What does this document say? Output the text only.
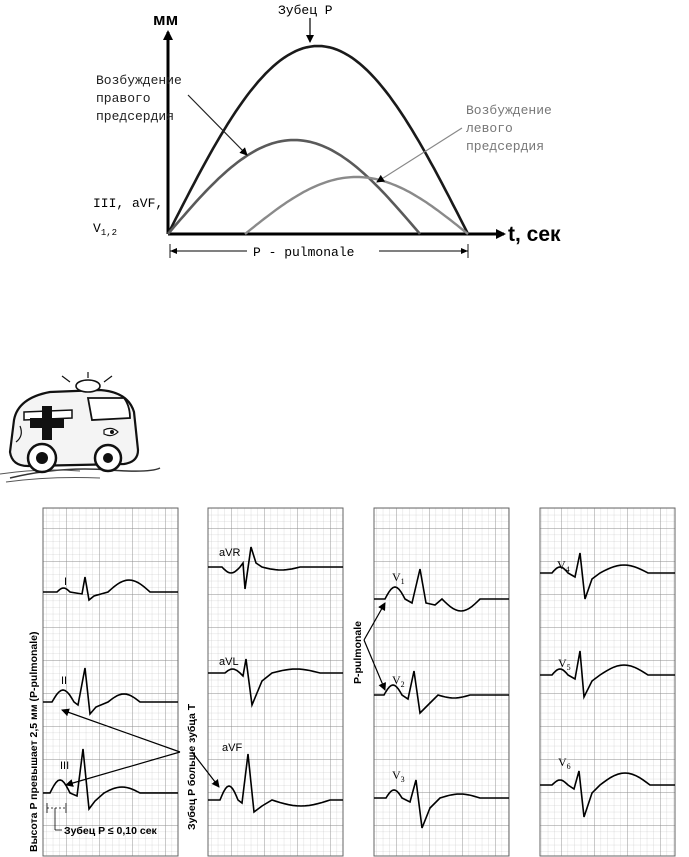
мм
t, сек
Зубец P
Возбуждение правого предсердия	Возбуждение левого предсердия
III, aVF,
$V_{1,2}$
P - pulmonale
I
II
III
aVR
aVL
aVF
$V_1$
$V_2$
$V_3$
$V_4$
$V_5$
$V_6$
Высота P превышает 2,5 мм (P-pulmonale)	Зубец P больше зубца T
P-pulmonale
Зубец P ≤ 0,10 сек
